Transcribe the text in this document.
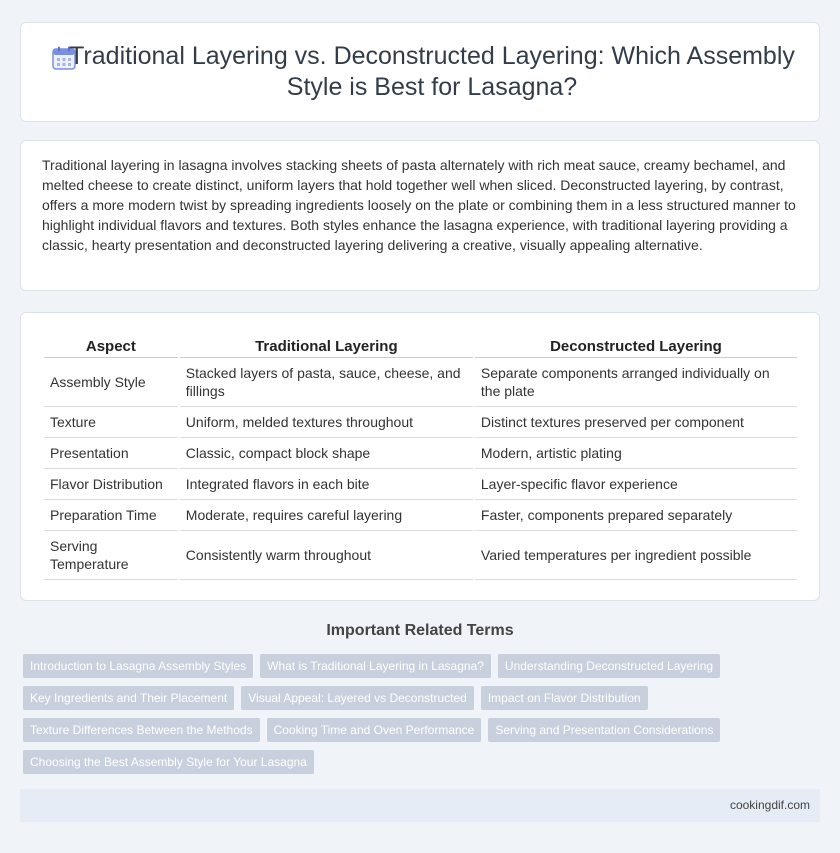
Traditional Layering vs. Deconstructed Layering: Which Assembly Style is Best for Lasagna?

Traditional layering in lasagna involves stacking sheets of pasta alternately with rich meat sauce, creamy bechamel, and melted cheese to create distinct, uniform layers that hold together well when sliced. Deconstructed layering, by contrast, offers a more modern twist by spreading ingredients loosely on the plate or combining them in a less structured manner to highlight individual flavors and textures. Both styles enhance the lasagna experience, with traditional layering providing a classic, hearty presentation and deconstructed layering delivering a creative, visually appealing alternative.

Aspect	Traditional Layering	Deconstructed Layering
Assembly Style	Stacked layers of pasta, sauce, cheese, and fillings	Separate components arranged individually on the plate
Texture	Uniform, melded textures throughout	Distinct textures preserved per component
Presentation	Classic, compact block shape	Modern, artistic plating
Flavor Distribution	Integrated flavors in each bite	Layer-specific flavor experience
Preparation Time	Moderate, requires careful layering	Faster, components prepared separately
Serving Temperature	Consistently warm throughout	Varied temperatures per ingredient possible
Important Related Terms
Introduction to Lasagna Assembly Styles	What is Traditional Layering in Lasagna?	Understanding Deconstructed Layering
Key Ingredients and Their Placement	Visual Appeal: Layered vs Deconstructed	Impact on Flavor Distribution
Texture Differences Between the Methods	Cooking Time and Oven Performance	Serving and Presentation Considerations
Choosing the Best Assembly Style for Your Lasagna
cookingdif.com
